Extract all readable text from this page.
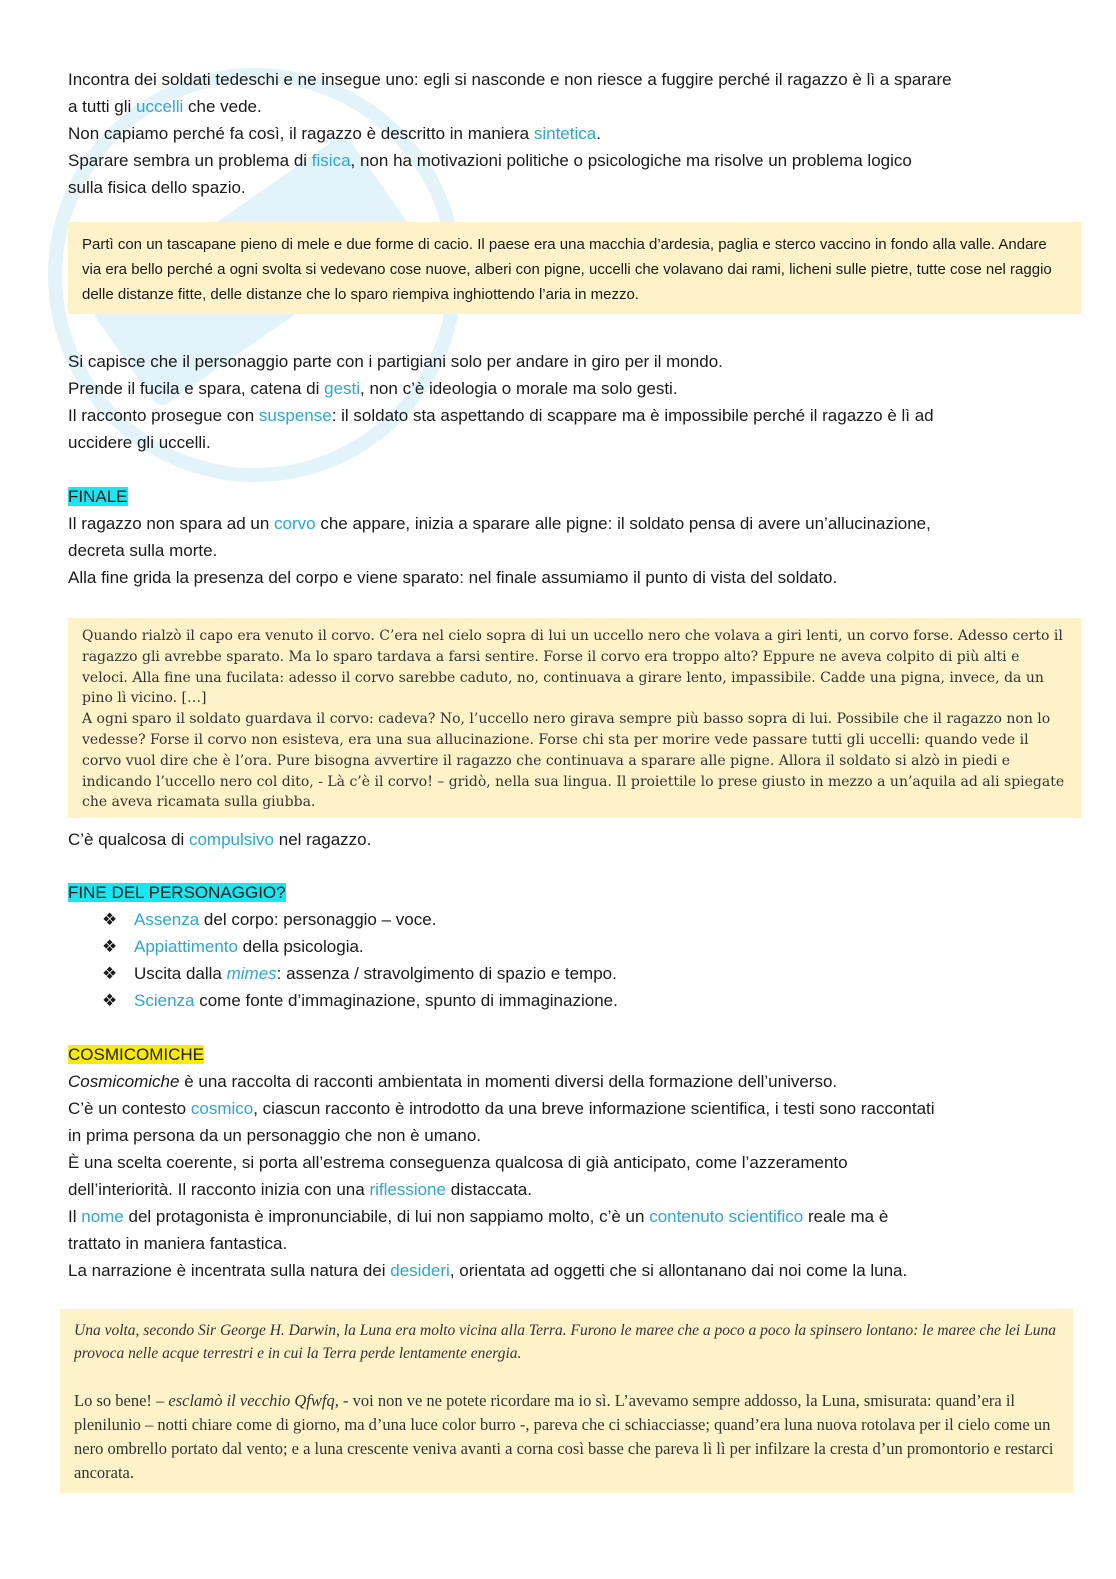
Incontra dei soldati tedeschi e ne insegue uno: egli si nasconde e non riesce a fuggire perché il ragazzo è lì a sparare

a tutti gli uccelli che vede.

Non capiamo perché fa così, il ragazzo è descritto in maniera sintetica.

Sparare sembra un problema di fisica, non ha motivazioni politiche o psicologiche ma risolve un problema logico

sulla fisica dello spazio.

Partì con un tascapane pieno di mele e due forme di cacio. Il paese era una macchia d’ardesia, paglia e sterco vaccino in fondo alla valle. Andare via era bello perché a ogni svolta si vedevano cose nuove, alberi con pigne, uccelli che volavano dai rami, licheni sulle pietre, tutte cose nel raggio delle distanze fitte, delle distanze che lo sparo riempiva inghiottendo l’aria in mezzo.

Si capisce che il personaggio parte con i partigiani solo per andare in giro per il mondo.

Prende il fucila e spara, catena di gesti, non c’è ideologia o morale ma solo gesti.

Il racconto prosegue con suspense: il soldato sta aspettando di scappare ma è impossibile perché il ragazzo è lì ad

uccidere gli uccelli.

FINALE

Il ragazzo non spara ad un corvo che appare, inizia a sparare alle pigne: il soldato pensa di avere un’allucinazione,

decreta sulla morte.

Alla fine grida la presenza del corpo e viene sparato: nel finale assumiamo il punto di vista del soldato.

Quando rialzò il capo era venuto il corvo. C’era nel cielo sopra di lui un uccello nero che volava a giri lenti, un corvo forse. Adesso certo il ragazzo gli avrebbe sparato. Ma lo sparo tardava a farsi sentire. Forse il corvo era troppo alto? Eppure ne aveva colpito di più alti e veloci. Alla fine una fucilata: adesso il corvo sarebbe caduto, no, continuava a girare lento, impassibile. Cadde una pigna, invece, da un pino lì vicino. […]

A ogni sparo il soldato guardava il corvo: cadeva? No, l’uccello nero girava sempre più basso sopra di lui. Possibile che il ragazzo non lo vedesse? Forse il corvo non esisteva, era una sua allucinazione. Forse chi sta per morire vede passare tutti gli uccelli: quando vede il corvo vuol dire che è l’ora. Pure bisogna avvertire il ragazzo che continuava a sparare alle pigne. Allora il soldato si alzò in piedi e indicando l’uccello nero col dito, - Là c’è il corvo! – gridò, nella sua lingua. Il proiettile lo prese giusto in mezzo a un’aquila ad ali spiegate che aveva ricamata sulla giubba.

C’è qualcosa di compulsivo nel ragazzo.

FINE DEL PERSONAGGIO?

❖ Assenza del corpo: personaggio – voce.
❖ Appiattimento della psicologia.
❖ Uscita dalla mimes: assenza / stravolgimento di spazio e tempo.
❖ Scienza come fonte d’immaginazione, spunto di immaginazione.

COSMICOMICHE

Cosmicomiche è una raccolta di racconti ambientata in momenti diversi della formazione dell’universo.

C’è un contesto cosmico, ciascun racconto è introdotto da una breve informazione scientifica, i testi sono raccontati

in prima persona da un personaggio che non è umano.

È una scelta coerente, si porta all’estrema conseguenza qualcosa di già anticipato, come l’azzeramento

dell’interiorità. Il racconto inizia con una riflessione distaccata.

Il nome del protagonista è impronunciabile, di lui non sappiamo molto, c’è un contenuto scientifico reale ma è

trattato in maniera fantastica.

La narrazione è incentrata sulla natura dei desideri, orientata ad oggetti che si allontanano dai noi come la luna.

Una volta, secondo Sir George H. Darwin, la Luna era molto vicina alla Terra. Furono le maree che a poco a poco la spinsero lontano: le maree che lei Luna provoca nelle acque terrestri e in cui la Terra perde lentamente energia.

Lo so bene! – esclamò il vecchio Qfwfq, - voi non ve ne potete ricordare ma io sì. L’avevamo sempre addosso, la Luna, smisurata: quand’era il plenilunio – notti chiare come di giorno, ma d’una luce color burro -, pareva che ci schiacciasse; quand’era luna nuova rotolava per il cielo come un nero ombrello portato dal vento; e a luna crescente veniva avanti a corna così basse che pareva lì lì per infilzare la cresta d’un promontorio e restarci ancorata.
